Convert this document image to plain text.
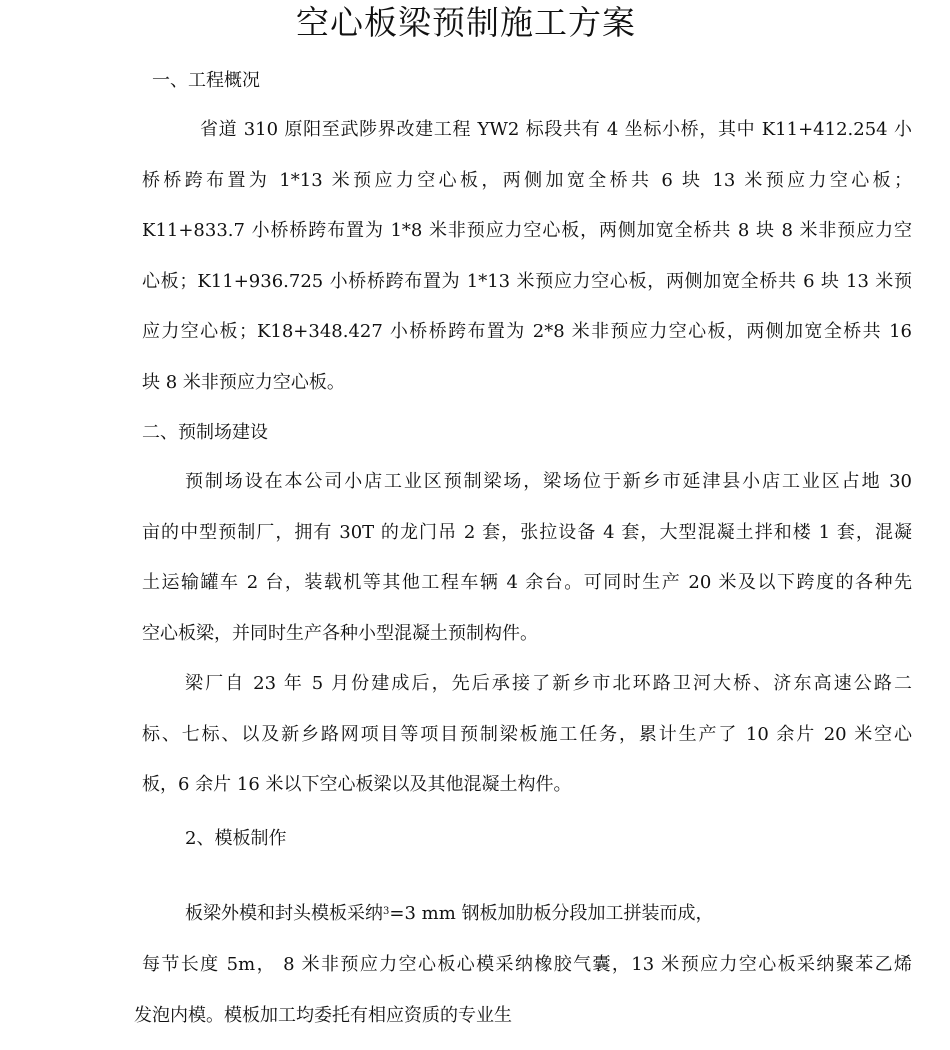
空心板梁预制施工方案
一、工程概况

省道 310 原阳至武陟界改建工程 YW2 标段共有 4 坐标小桥，其中 K11+412.254 小

桥桥跨布置为 1*13 米预应力空心板，两侧加宽全桥共 6 块 13 米预应力空心板；

K11+833.7 小桥桥跨布置为 1*8 米非预应力空心板，两侧加宽全桥共 8 块 8 米非预应力空

心板；K11+936.725 小桥桥跨布置为 1*13 米预应力空心板，两侧加宽全桥共 6 块 13 米预

应力空心板；K18+348.427 小桥桥跨布置为 2*8 米非预应力空心板，两侧加宽全桥共 16

块 8 米非预应力空心板。

二、预制场建设

预制场设在本公司小店工业区预制梁场，梁场位于新乡市延津县小店工业区占地 30

亩的中型预制厂，拥有 30T 的龙门吊 2 套，张拉设备 4 套，大型混凝土拌和楼 1 套，混凝

土运输罐车 2 台，装载机等其他工程车辆 4 余台。可同时生产 20 米及以下跨度的各种先

空心板梁，并同时生产各种小型混凝土预制构件。

梁厂自 23 年 5 月份建成后，先后承接了新乡市北环路卫河大桥、济东高速公路二

标、七标、以及新乡路网项目等项目预制梁板施工任务，累计生产了 10 余片 20 米空心

板，6 余片 16 米以下空心板梁以及其他混凝土构件。

2、模板制作
板梁外模和封头模板采纳$^3$=3 mm 钢板加肋板分段加工拼装而成，
每节长度 5m， 8 米非预应力空心板心模采纳橡胶气囊，13 米预应力空心板采纳聚苯乙烯
发泡内模。模板加工均委托有相应资质的专业生
